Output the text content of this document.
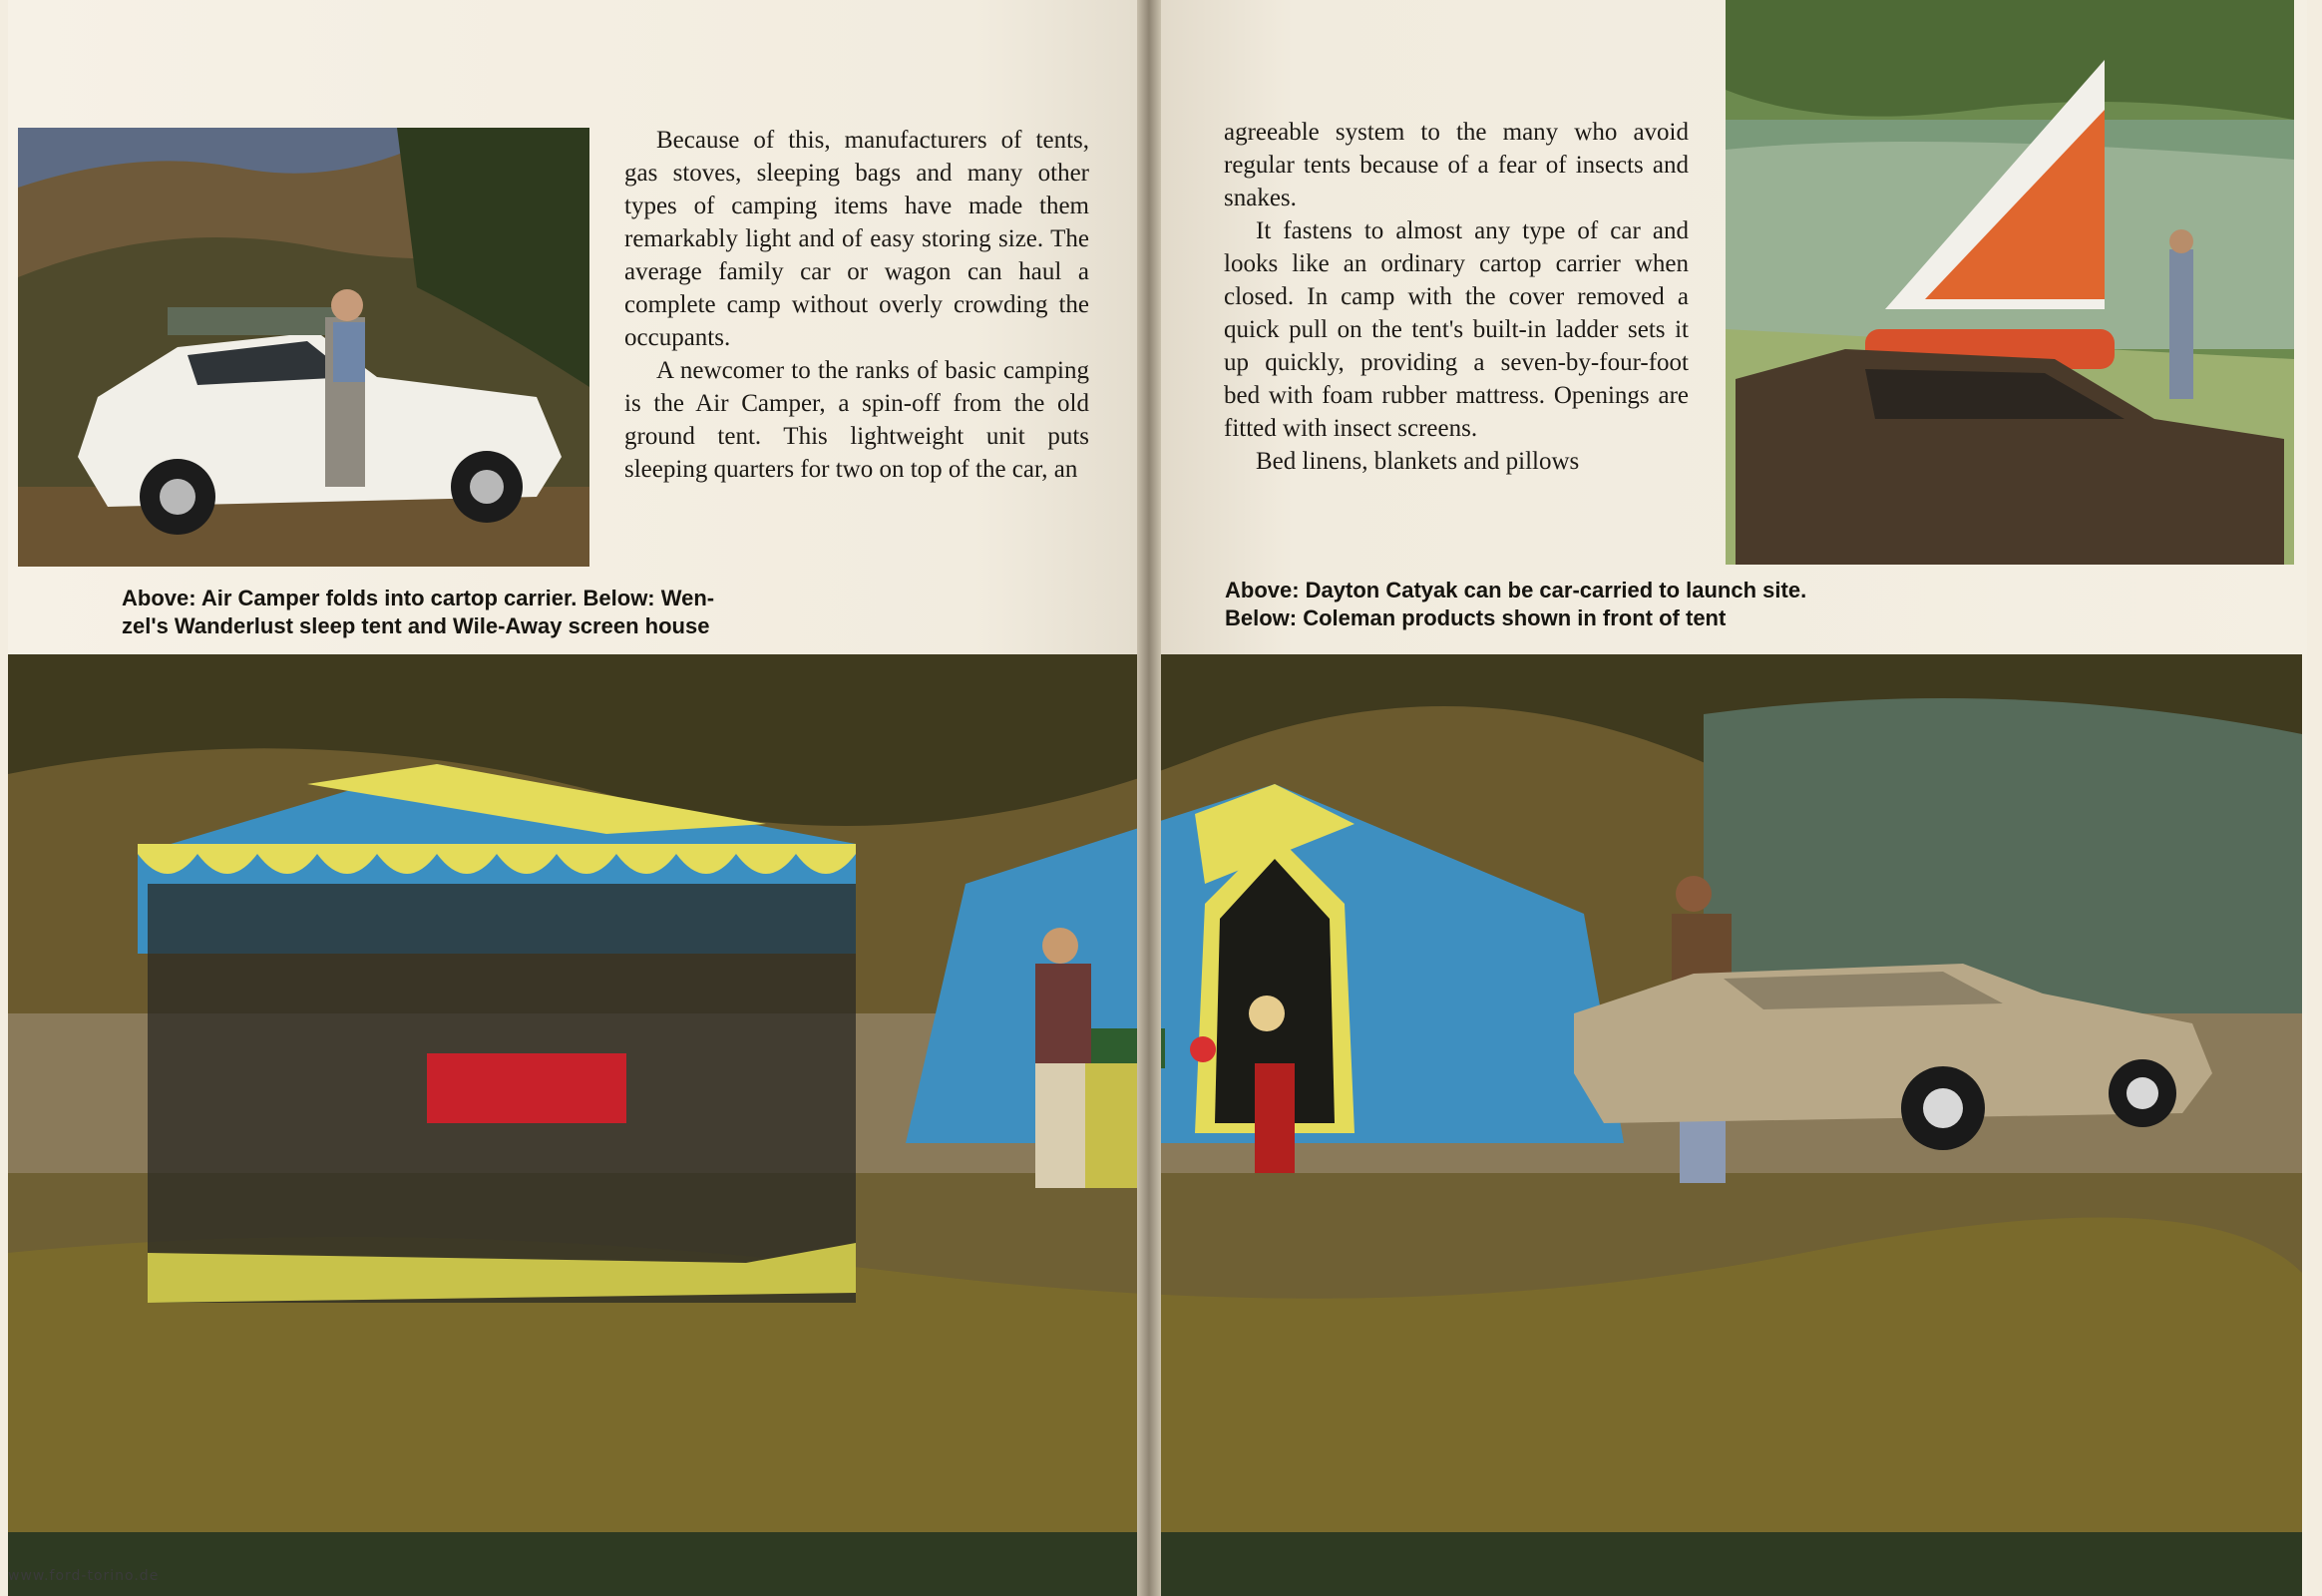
Because of this, manufacturers of tents, gas stoves, sleeping bags and many other types of camping items have made them remarkably light and of easy storing size. The average family car or wagon can haul a complete camp without overly crowding the occupants.

A newcomer to the ranks of basic camping is the Air Camper, a spin-off from the old ground tent. This lightweight unit puts sleeping quarters for two on top of the car, an

Above: Air Camper folds into cartop carrier. Below: Wen-
zel's Wanderlust sleep tent and Wile-Away screen house

agreeable system to the many who avoid regular tents because of a fear of insects and snakes.

It fastens to almost any type of car and looks like an ordinary cartop carrier when closed. In camp with the cover removed a quick pull on the tent's built-in ladder sets it up quickly, providing a seven-by-four-foot bed with foam rubber mattress. Openings are fitted with insect screens.

Bed linens, blankets and pillows

Above: Dayton Catyak can be car-carried to launch site.
Below: Coleman products shown in front of tent
www.ford-torino.de
